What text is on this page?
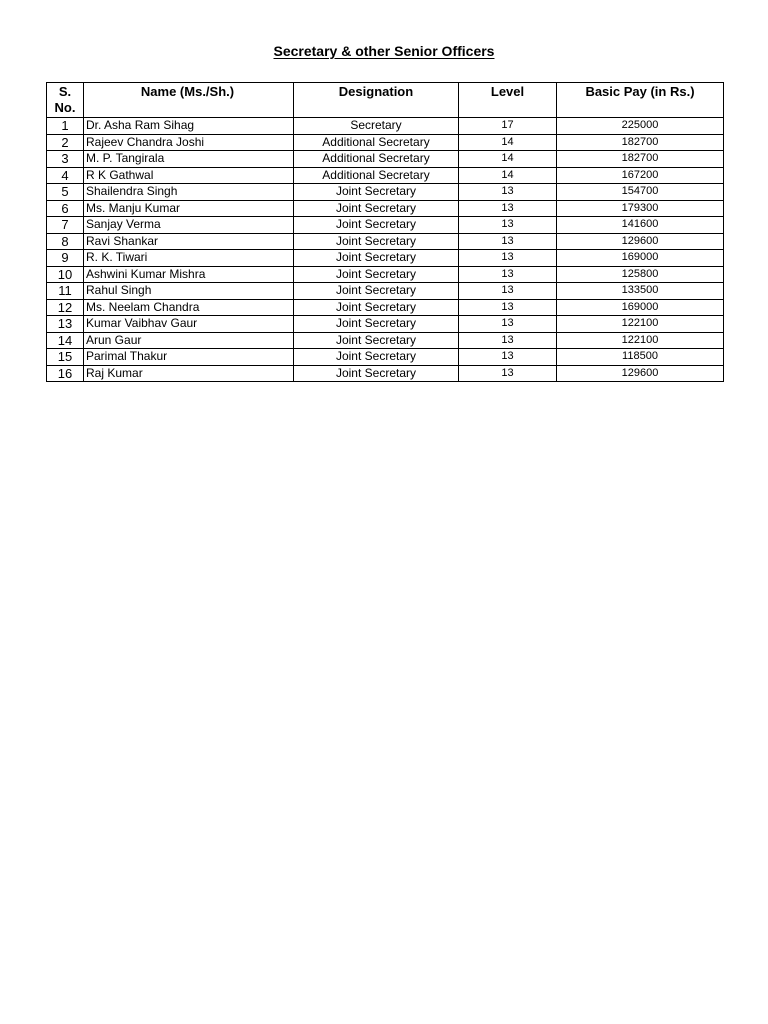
Secretary & other Senior Officers
S. No.	Name (Ms./Sh.)	Designation	Level	Basic Pay (in Rs.)
1	Dr. Asha Ram Sihag	Secretary	17	225000
2	Rajeev Chandra Joshi	Additional Secretary	14	182700
3	M. P. Tangirala	Additional Secretary	14	182700
4	R K Gathwal	Additional Secretary	14	167200
5	Shailendra Singh	Joint Secretary	13	154700
6	Ms. Manju Kumar	Joint Secretary	13	179300
7	Sanjay Verma	Joint Secretary	13	141600
8	Ravi Shankar	Joint Secretary	13	129600
9	R. K. Tiwari	Joint Secretary	13	169000
10	Ashwini Kumar Mishra	Joint Secretary	13	125800
11	Rahul Singh	Joint Secretary	13	133500
12	Ms. Neelam Chandra	Joint Secretary	13	169000
13	Kumar Vaibhav Gaur	Joint Secretary	13	122100
14	Arun Gaur	Joint Secretary	13	122100
15	Parimal Thakur	Joint Secretary	13	118500
16	Raj Kumar	Joint Secretary	13	129600
